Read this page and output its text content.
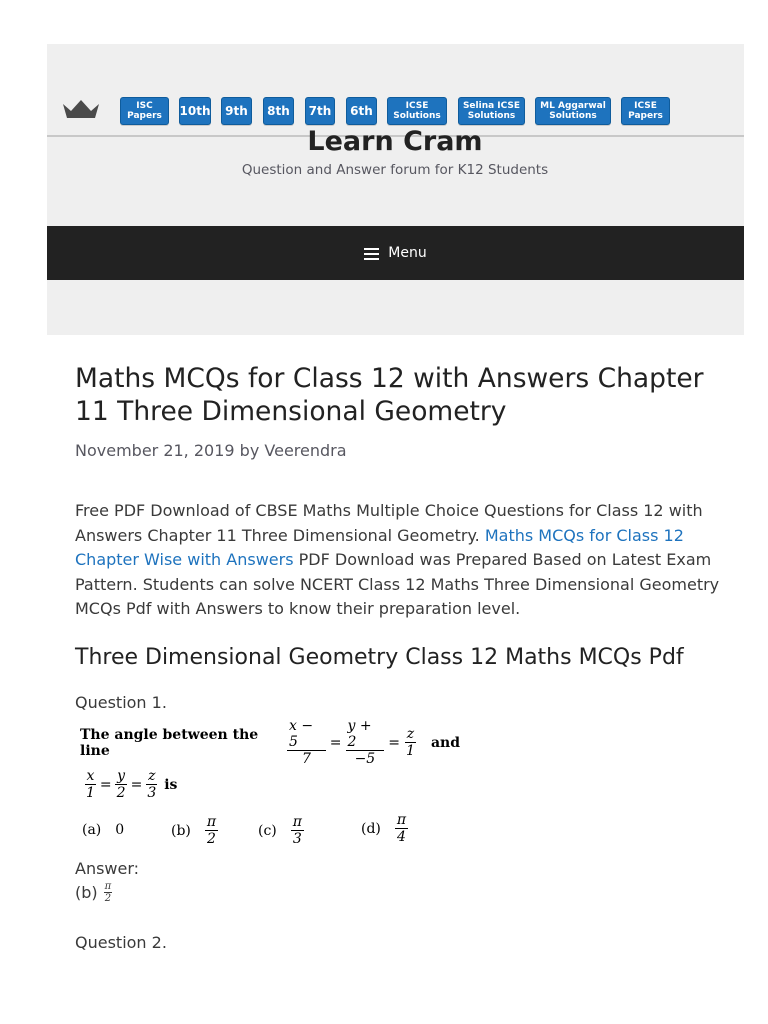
ISC
Papers	10th	9th	8th	7th	6th	ICSE
Solutions
Selina ICSE
Solutions
ML Aggarwal
Solutions
ICSE
Papers
Learn Cram
Question and Answer forum for K12 Students
Menu
Maths MCQs for Class 12 with Answers Chapter 11 Three Dimensional Geometry
November 21, 2019 by Veerendra

Free PDF Download of CBSE Maths Multiple Choice Questions for Class 12 with Answers Chapter 11 Three Dimensional Geometry. Maths MCQs for Class 12 Chapter Wise with Answers PDF Download was Prepared Based on Latest Exam Pattern. Students can solve NCERT Class 12 Maths Three Dimensional Geometry MCQs Pdf with Answers to know their preparation level.

Three Dimensional Geometry Class 12 Maths MCQs Pdf
Question 1.
The angle between the line	$\frac{x - 5}{7} = \frac{y + 2}{-5} = \frac{z}{1}$ and
$\frac{x}{1} = \frac{y}{2} = \frac{z}{3}$ is
(a) 0	$(b) \frac{\pi}{2}$	$(c) \frac{\pi}{3}$	$(d) \frac{\pi}{4}$
Answer:
$(b) \frac{\pi}{2}$
Question 2.
